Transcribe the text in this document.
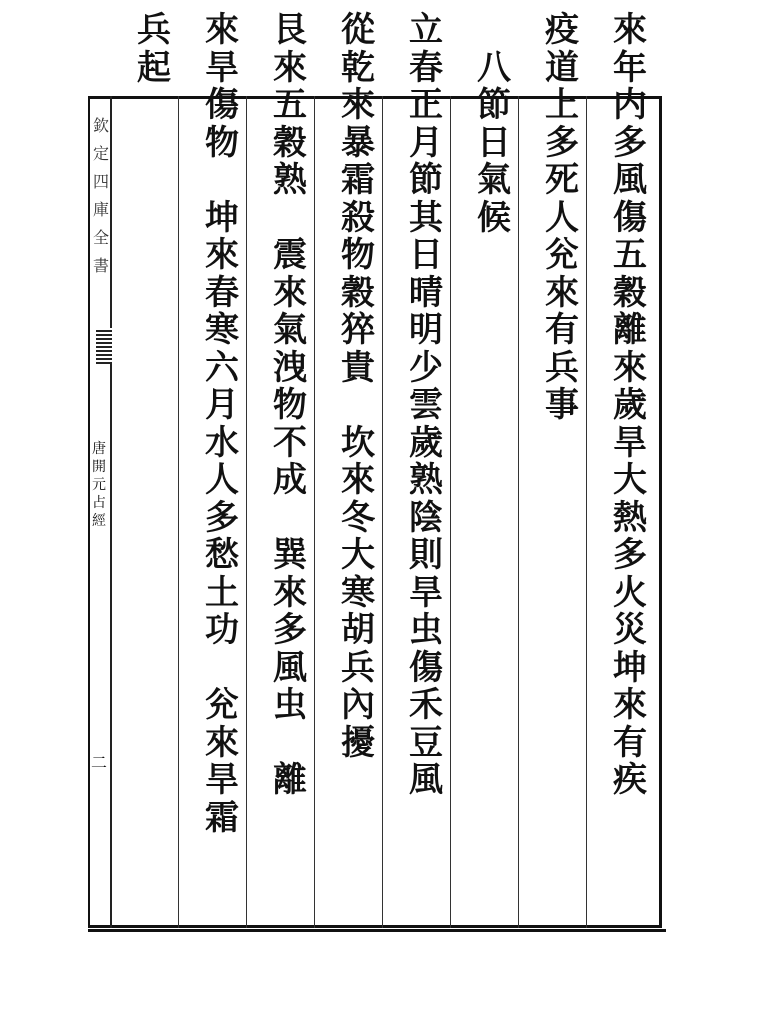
欽
定
四
庫
全
書
唐
開
元
占
經
二
來
年
内
多
風
傷
五
穀
離
來
歲
旱
大
熱
多
火
災
坤
來
有
疾
疫
道
上
多
死
人
兊
來
有
兵
事
八
節
日
氣
候
立
春
正
月
節
其
日
晴
明
少
雲
歲
熟
陰
則
旱
虫
傷
禾
豆
風
從
乾
來
暴
霜
殺
物
穀
猝
貴
坎
來
冬
大
寒
胡
兵
內
擾
艮
來
五
穀
熟
震
來
氣
洩
物
不
成
巽
來
多
風
虫
離
來
旱
傷
物
坤
來
春
寒
六
月
水
人
多
愁
土
功
兊
來
旱
霜
兵
起
